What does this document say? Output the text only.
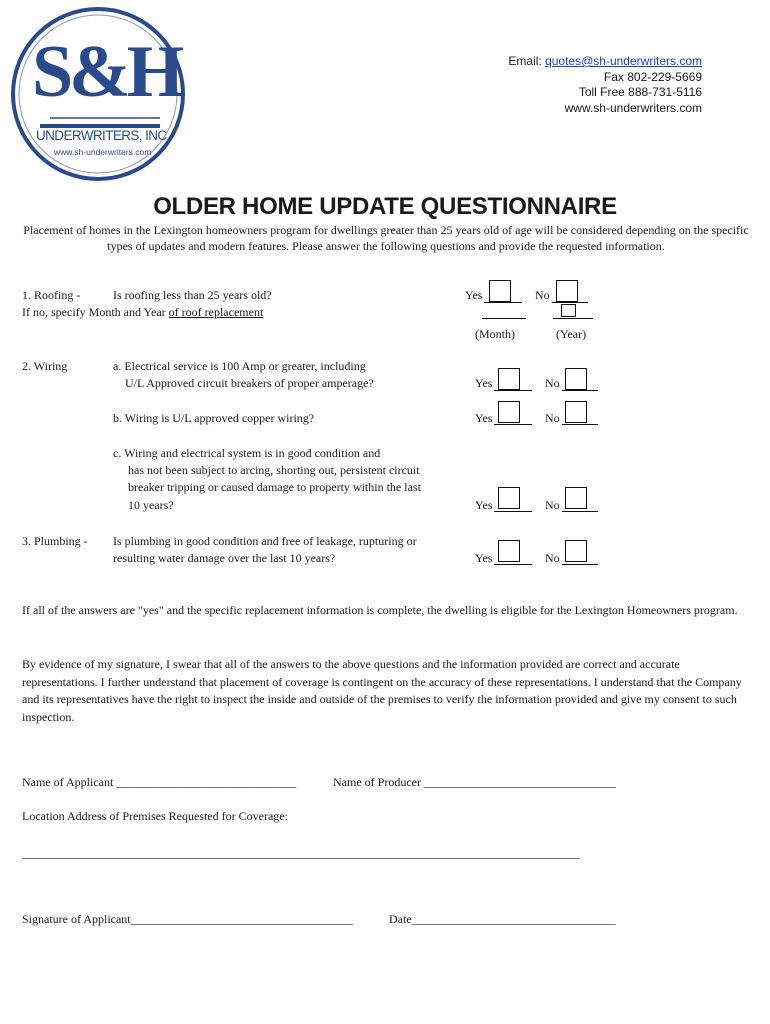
S&H
UNDERWRITERS, INC.
www.sh-underwriters.com
Email: quotes@sh-underwriters.com
Fax 802-229-5669
Toll Free 888-731-5116
www.sh-underwriters.com
OLDER HOME UPDATE QUESTIONNAIRE
Placement of homes in the Lexington homeowners program for dwellings greater than 25 years old of age will be considered depending on the specific types of updates and modern features. Please answer the following questions and provide the requested information.
1. Roofing -	Is roofing less than 25 years old?
If no, specify Month and Year of roof replacement
Yes	No
(Month)	(Year)
2. Wiring	a. Electrical service is 100 Amp or greater, including
U/L Approved circuit breakers of proper amperage?	Yes	No
b. Wiring is U/L approved copper wiring?	Yes	No
c. Wiring and electrical system is in good condition and
has not been subject to arcing, shorting out, persistent circuit
breaker tripping or caused damage to property within the last
10 years?	Yes	No
3. Plumbing - Is plumbing in good condition and free of leakage, rupturing or
resulting water damage over the last 10 years?	Yes	No
If all of the answers are "yes" and the specific replacement information is complete, the dwelling is eligible for the Lexington Homeowners program.
By evidence of my signature, I swear that all of the answers to the above questions and the information provided are correct and accurate representations. I further understand that placement of coverage is contingent on the accuracy of these representations. I understand that the Company and its representatives have the right to inspect the inside and outside of the premises to verify the information provided and give my consent to such inspection.
Name of Applicant ______________________________	Name of Producer ________________________________
Location Address of Premises Requested for Coverage:
_____________________________________________________________________________________________
Signature of Applicant_____________________________________	Date__________________________________
